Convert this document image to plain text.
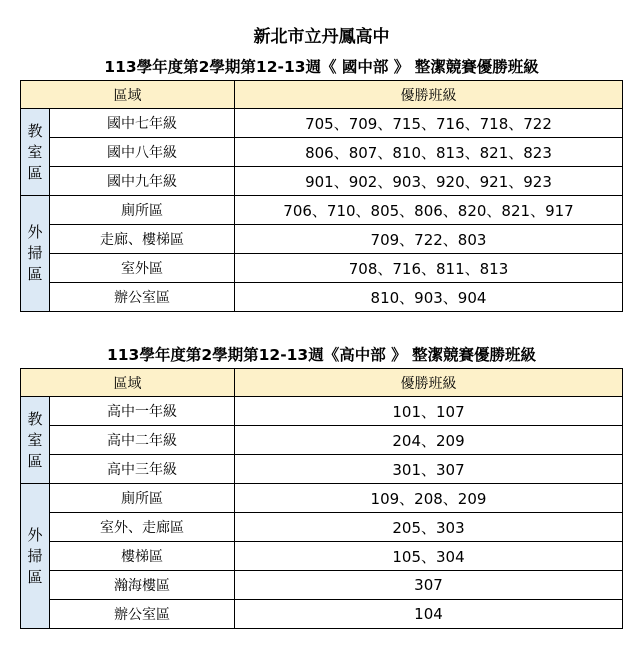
新北市立丹鳳高中
113學年度第2學期第12-13週《 國中部 》 整潔競賽優勝班級
區域		優勝班級
教室區	國中七年級	705、709、715、716、718、722
	國中八年級	806、807、810、813、821、823
	國中九年級	901、902、903、920、921、923
外掃區	廁所區	706、710、805、806、820、821、917
	走廊、樓梯區	709、722、803
	室外區	708、716、811、813
	辦公室區	810、903、904
113學年度第2學期第12-13週《高中部 》 整潔競賽優勝班級
區域		優勝班級
教室區	高中一年級	101、107
	高中二年級	204、209
	高中三年級	301、307
外掃區	廁所區	109、208、209
	室外、走廊區	205、303
	樓梯區	105、304
	瀚海樓區	307
	辦公室區	104
